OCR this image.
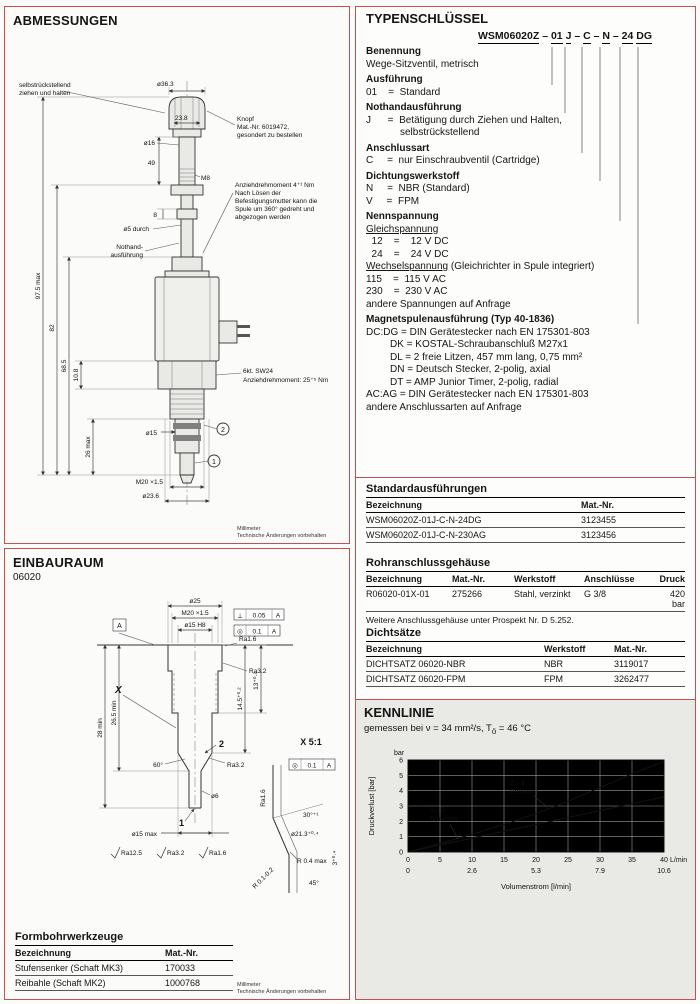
ABMESSUNGEN
selbstrückstellend
ziehen und halten
ø36.3
23.8	Knopf
Mat.-Nr. 6019472,
gesondert zu bestellen
ø16
M8
49
8
Anziehdrehmoment 4⁺¹ Nm
Nach Lösen der
Befestigungsmutter kann die
Spule um 360° gedreht und
abgezogen werden
ø5 durch
Nothand-
ausführung
97.5 max
82
68.5
10.8
26 max
6kt. SW24
Anziehdrehmoment: 25⁺⁵ Nm
ø15
M20 ×1.5
ø23.6
2
1
Millimeter
Technische Änderungen vorbehalten
EINBAURAUM
06020
ø25
M20 ×1.5
ø15 H8
Ra1.6
Ra3.2
X
60°	Ra3.2
14.5⁺⁰·²
13⁺⁰·²
ø6
28 min
26.5 min
2
1
ø15 max
Ra12.5	Ra3.2	Ra1.6
A
⟂ 0.05 A
◎ 0.1 A
X 5:1
◎ 0.1 A
Ra1.6
30°⁺¹
ø21.3⁺⁰·⁴
R 0.4 max
R 0.1-0.2	45°
3⁺⁰·⁴
Formbohrwerkzeuge
Bezeichnung	Mat.-Nr.
Stufensenker (Schaft MK3)	170033
Reibahle (Schaft MK2)	1000768	Millimeter
Technische Änderungen vorbehalten
TYPENSCHLÜSSEL
WSM06020Z – 01 J – C – N – 24 DG
Benennung
Wege-Sitzventil, metrisch
Ausführung
01    =  Standard
Nothandausführung
J      =  Betätigung durch Ziehen und Halten,
selbstrückstellend
Anschlussart
C     =  nur Einschraubventil (Cartridge)
Dichtungswerkstoff
N     =  NBR (Standard)
V     =  FPM
Nennspannung
Gleichspannung
12    =    12 V DC
24    =    24 V DC
Wechselspannung (Gleichrichter in Spule integriert)
115    =  115 V AC
230    =  230 V AC
andere Spannungen auf Anfrage
Magnetspulenausführung (Typ 40-1836)
DC:DG = DIN Gerätestecker nach EN 175301-803
DK = KOSTAL-Schraubanschluß M27x1
DL = 2 freie Litzen, 457 mm lang, 0,75 mm²
DN = Deutsch Stecker, 2-polig, axial
DT = AMP Junior Timer, 2-polig, radial
AC:AG = DIN Gerätestecker nach EN 175301-803
andere Anschlussarten auf Anfrage
Standardausführungen
Bezeichnung	Mat.-Nr.
WSM06020Z-01J-C-N-24DG	3123455
WSM06020Z-01J-C-N-230AG	3123456
Rohranschlussgehäuse
Bezeichnung	Mat.-Nr.	Werkstoff	Anschlüsse	Druck
R06020-01X-01	275266	Stahl, verzinkt	G 3/8	420 bar
Weitere Anschlussgehäuse unter Prospekt Nr. D 5.252.
Dichtsätze
Bezeichnung	Werkstoff	Mat.-Nr.
DICHTSATZ 06020-NBR	NBR	3119017
DICHTSATZ 06020-FPM	FPM	3262477
KENNLINIE
gemessen bei ν = 34 mm²/s, $T_ö = 46$ °C
0	5	10	15	20	25	30	35	40 L/min
0	2.6	5.3	7.9	10.6
0
1
2
3
4
5
6
bar
Druckverlust [bar]
Volumenstrom [l/min]
2→1
Bestromt
1→2
Stromlos
